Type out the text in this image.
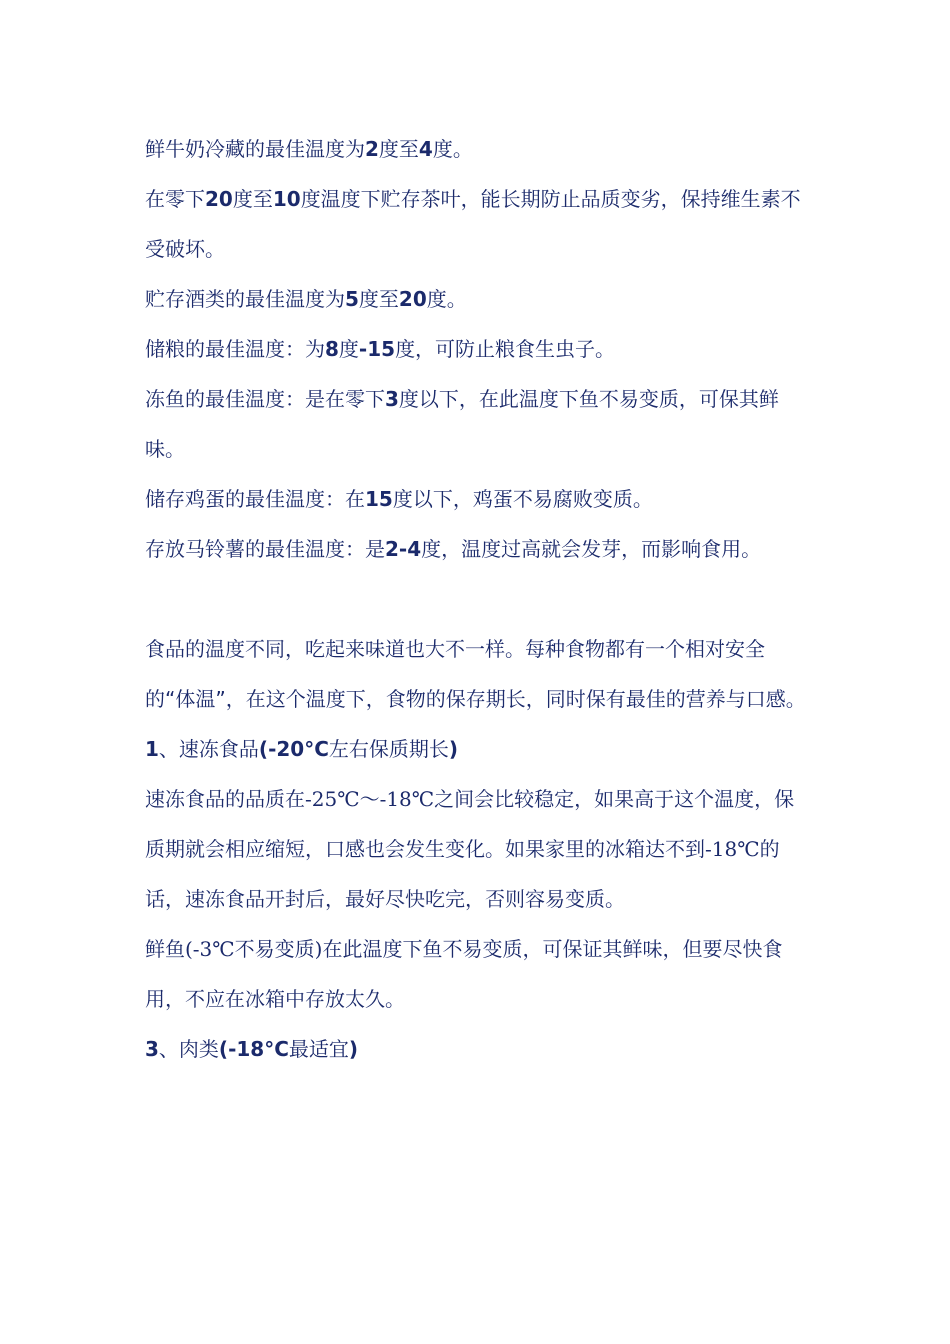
鲜牛奶冷藏的最佳温度为2度至4度。

在零下20度至10度温度下贮存茶叶，能长期防止品质变劣，保持维生素不受破坏。

贮存酒类的最佳温度为5度至20度。

储粮的最佳温度：为8度-15度，可防止粮食生虫子。

冻鱼的最佳温度：是在零下3度以下，在此温度下鱼不易变质，可保其鲜味。

储存鸡蛋的最佳温度：在15度以下，鸡蛋不易腐败变质。

存放马铃薯的最佳温度：是2-4度，温度过高就会发芽，而影响食用。

食品的温度不同，吃起来味道也大不一样。每种食物都有一个相对安全的“体温”，在这个温度下，食物的保存期长，同时保有最佳的营养与口感。

1、速冻食品(-20°C左右保质期长)

速冻食品的品质在-25℃～-18℃之间会比较稳定，如果高于这个温度，保质期就会相应缩短，口感也会发生变化。如果家里的冰箱达不到-18℃的话，速冻食品开封后，最好尽快吃完，否则容易变质。

鲜鱼(-3℃不易变质)在此温度下鱼不易变质，可保证其鲜味，但要尽快食用，不应在冰箱中存放太久。

3、肉类(-18°C最适宜)
